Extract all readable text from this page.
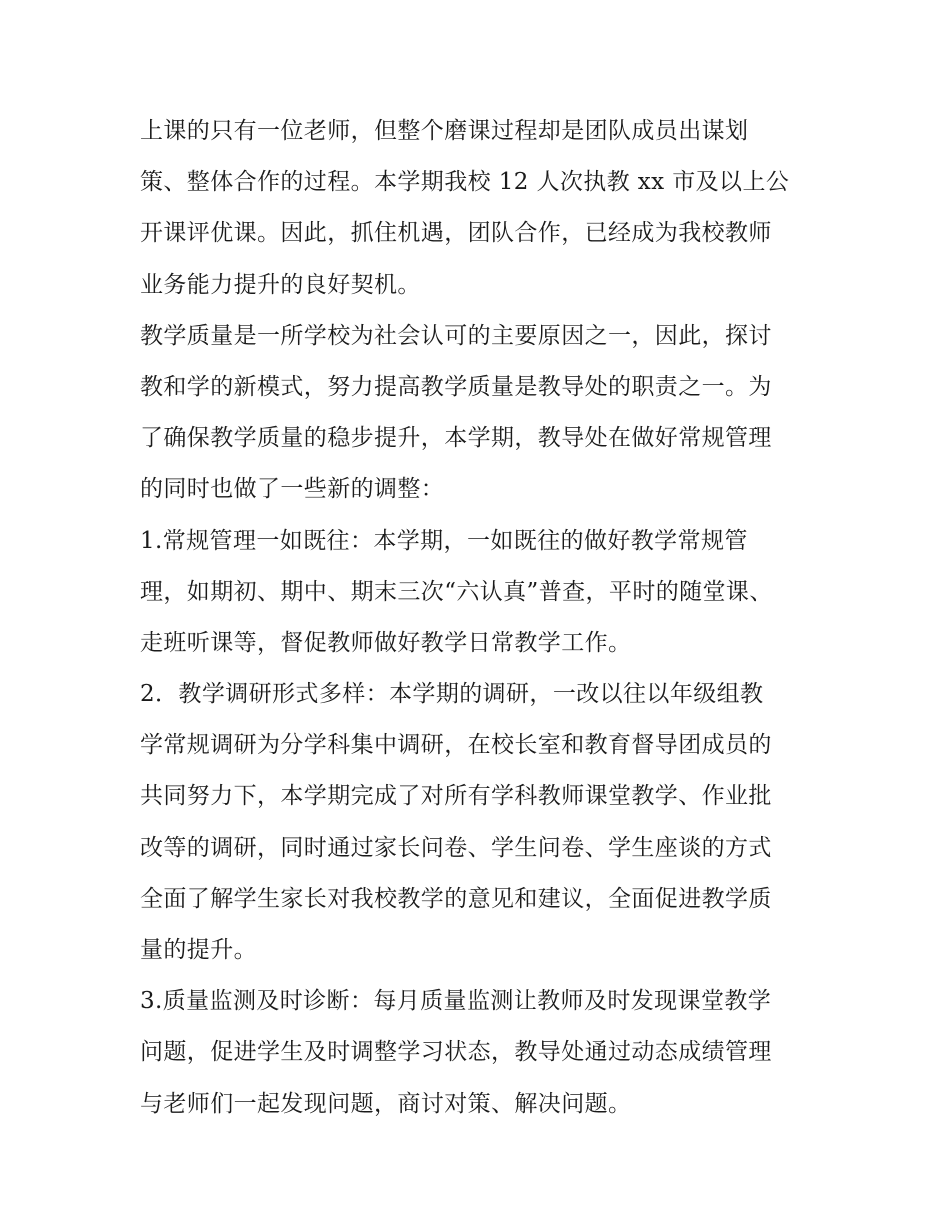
上课的只有一位老师，但整个磨课过程却是团队成员出谋划
策、整体合作的过程。本学期我校 12 人次执教 xx 市及以上公
开课评优课。因此，抓住机遇，团队合作，已经成为我校教师
业务能力提升的良好契机。
教学质量是一所学校为社会认可的主要原因之一，因此，探讨
教和学的新模式，努力提高教学质量是教导处的职责之一。为
了确保教学质量的稳步提升，本学期，教导处在做好常规管理
的同时也做了一些新的调整：
1.常规管理一如既往：本学期，一如既往的做好教学常规管
理，如期初、期中、期末三次“六认真”普查，平时的随堂课、
走班听课等，督促教师做好教学日常教学工作。
2．教学调研形式多样：本学期的调研，一改以往以年级组教
学常规调研为分学科集中调研，在校长室和教育督导团成员的
共同努力下，本学期完成了对所有学科教师课堂教学、作业批
改等的调研，同时通过家长问卷、学生问卷、学生座谈的方式
全面了解学生家长对我校教学的意见和建议，全面促进教学质
量的提升。
3.质量监测及时诊断：每月质量监测让教师及时发现课堂教学
问题，促进学生及时调整学习状态，教导处通过动态成绩管理
与老师们一起发现问题，商讨对策、解决问题。
